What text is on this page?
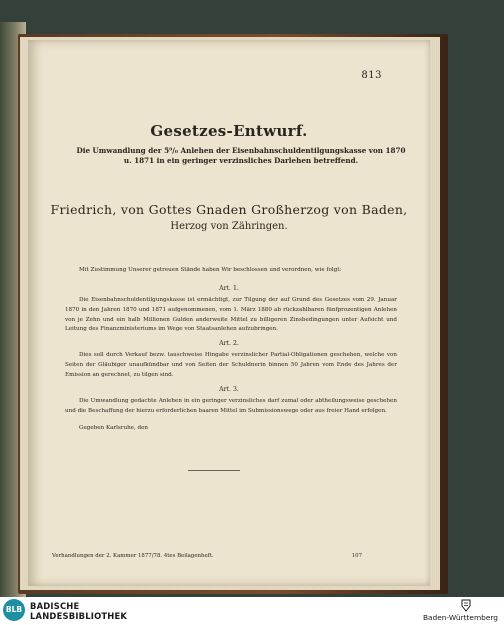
813
Gesetzes-Entwurf.
Die Umwandlung der 5⁰/₀ Anlehen der Eisenbahnschuldentilgungskasse von 1870 u. 1871 in ein geringer verzinsliches Darlehen betreffend.
Friedrich, von Gottes Gnaden Großherzog von Baden,
Herzog von Zähringen.
Mit Zustimmung Unserer getreuen Stände haben Wir beschlossen und verordnen, wie folgt:
Art. 1.
Die Eisenbahnschuldentilgungskasse ist ermächtigt, zur Tilgung der auf Grund des Gesetzes vom 29. Januar 1870 in den Jahren 1870 und 1871 aufgenommenen, vom 1. März 1880 ab rückzahlbaren fünfprozentigen Anlehen von je Zehn und ein halb Millionen Gulden anderweite Mittel zu billigeren Zinsbedingungen unter Aufsicht und Leitung des Finanzministeriums im Wege von Staatsanlehen aufzubringen.
Art. 2.
Dies soll durch Verkauf bezw. tauschweise Hingabe verzinslicher Partial-Obligationen geschehen, welche von Seiten der Gläubiger unaufkündbar und von Seiten der Schuldnerin binnen 50 Jahren vom Ende des Jahres der Emission an gerechnet, zu tilgen sind.
Art. 3.
Die Umwandlung gedachte Anlehen in ein geringer verzinsliches darf zumal oder abtheilungsweise geschehen und die Beschaffung der hierzu erforderlichen baaren Mittel im Submissionswege oder aus freier Hand erfolgen.
Gegeben Karlsruhe, den
Verhandlungen der 2. Kammer 1877/78. 4tes Beilagenheft.	107
BLB BADISCHE
LANDESBIBLIOTHEK	Baden-Württemberg
